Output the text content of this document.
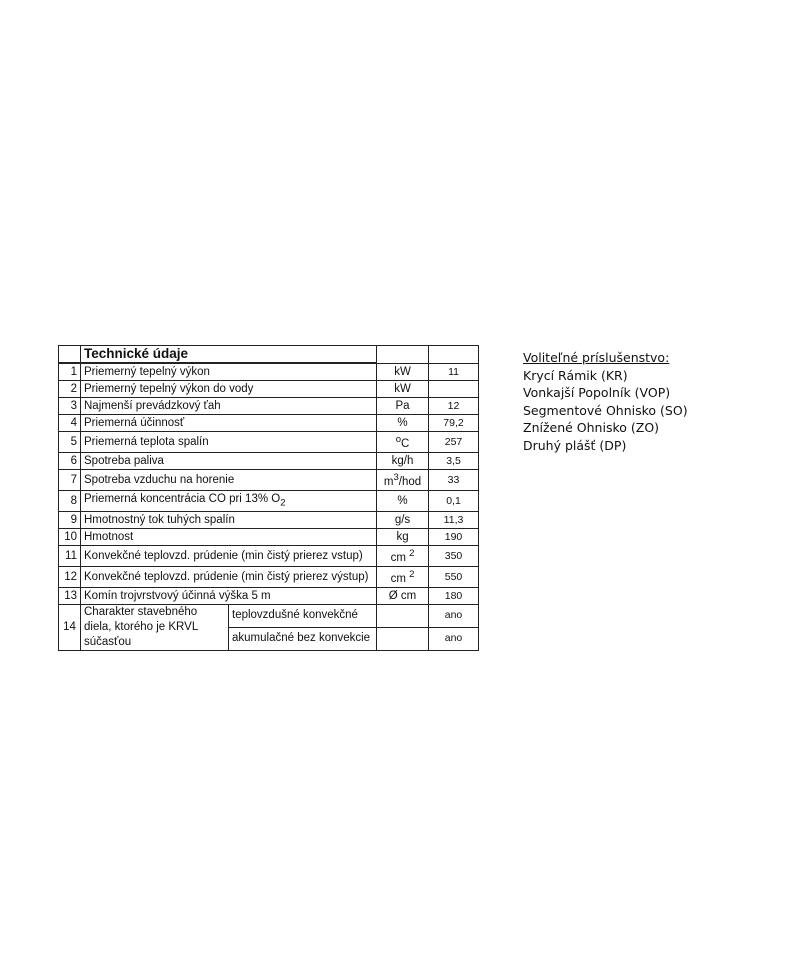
	Technické údaje			
1	Priemerný tepelný výkon		kW	11
2	Priemerný tepelný výkon do vody		kW	
3	Najmenší prevádzkový ťah		Pa	12
4	Priemerná účinnosť		%	79,2
5	Priemerná teplota spalín		$^o$C	257
6	Spotreba paliva		kg/h	3,5
7	Spotreba vzduchu na horenie		$m^3$/hod	33
8	Priemerná koncentrácia CO pri 13% $O_2$		%	0,1
9	Hmotnostný tok tuhých spalín		g/s	11,3
10	Hmotnost		kg	190
11	Konvekčné teplovzd. prúdenie (min čistý prierez vstup)		cm $^2$	350
12	Konvekčné teplovzd. prúdenie (min čistý prierez výstup)		cm $^2$	550
13	Komín trojvrstvový účinná výška 5 m		Ø cm	180
14	Charakter stavebného diela, ktorého je KRVL súčasťou	teplovzdušné konvekčné		ano
		akumulačné bez konvekcie		ano
Voliteľné príslušenstvo:
Krycí Rámik (KR)
Vonkajší Popolník (VOP)
Segmentové Ohnisko (SO)
Znížené Ohnisko (ZO)
Druhý plášť (DP)
